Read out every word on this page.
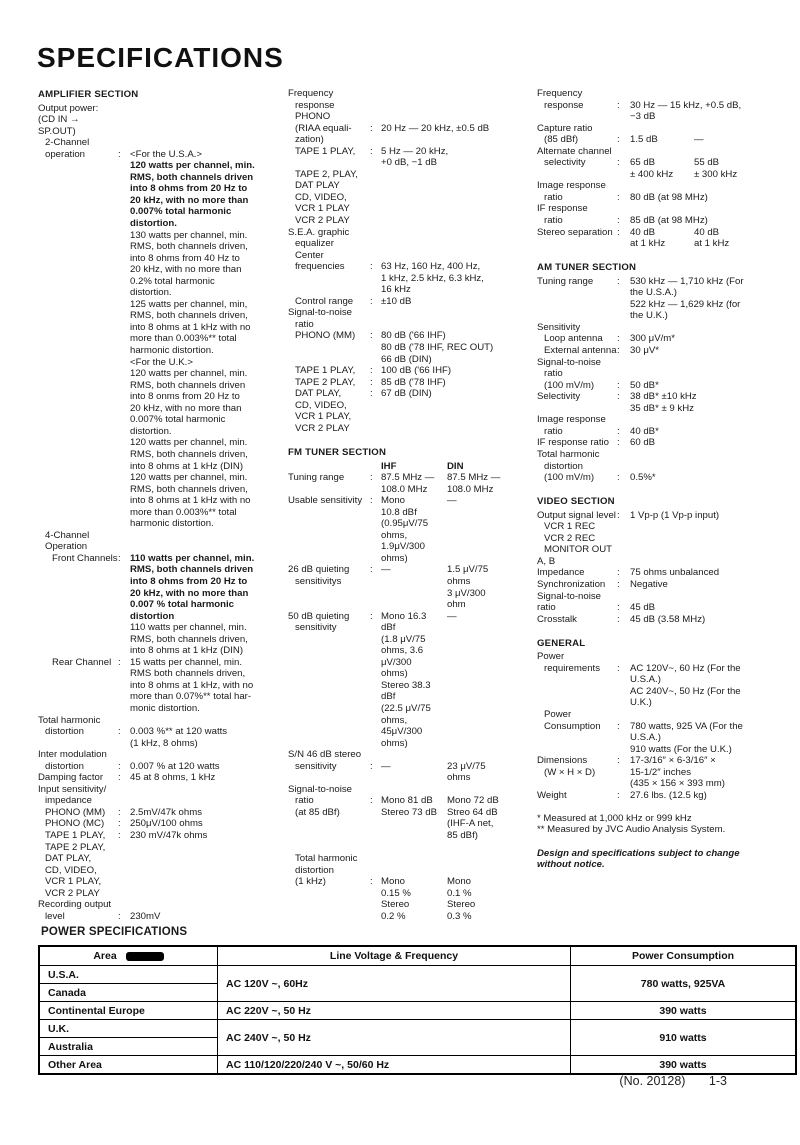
SPECIFICATIONS
AMPLIFIER SECTION
Output power:
(CD IN →
SP.OUT)
2-Channel
operation	: <For the U.S.A.>
120 watts per channel, min.
RMS, both channels driven
into 8 ohms from 20 Hz to
20 kHz, with no more than
0.007% total harmonic
distortion.
130 watts per channel, min.
RMS, both channels driven,
into 8 ohms from 40 Hz to
20 kHz, with no more than
0.2% total harmonic
distortion.
125 watts per channel, min,
RMS, both channels driven,
into 8 ohms at 1 kHz with no
more than 0.003%** total
harmonic distortion.
<For the U.K.>
120 watts per channel, min.
RMS, both channels driven
into 8 onms from 20 Hz to
20 kHz, with no more than
0.007% total harmonic
distortion.
120 watts per channel, min.
RMS, both channels driven,
into 8 ohms at 1 kHz (DIN)
120 watts per channel, min.
RMS, both channels driven,
into 8 ohms at 1 kHz with no
more than 0.003%** total
harmonic distortion.
4-Channel
Operation
Front Channels : 110 watts per channel, min.
RMS, both channels driven
into 8 ohms from 20 Hz to
20 kHz, with no more than
0.007 % total harmonic
distortion
110 watts per channel, min.
RMS, both channels driven,
into 8 ohms at 1 kHz (DIN)
Rear Channel : 15 watts per channel, min.
RMS both channels driven,
into 8 ohms at 1 kHz, with no
more than 0.07%** total har-
monic distortion.
Total harmonic
distortion	: 0.003 %** at 120 watts
(1 kHz, 8 ohms)
Inter modulation
distortion	: 0.007 % at 120 watts
Damping factor	: 45 at 8 ohms, 1 kHz
Input sensitivity/
impedance
PHONO (MM)	: 2.5mV/47k ohms
PHONO (MC)	: 250μV/100 ohms
TAPE 1 PLAY,	: 230 mV/47k ohms
TAPE 2 PLAY,
DAT PLAY,
CD, VIDEO,
VCR 1 PLAY,
VCR 2 PLAY
Recording output
level	: 230mV
Frequency
response
PHONO
(RIAA equali-	: 20 Hz — 20 kHz, ±0.5 dB
zation)
TAPE 1 PLAY,	: 5 Hz — 20 kHz,
+0 dB, −1 dB
TAPE 2, PLAY,
DAT PLAY
CD, VIDEO,
VCR 1 PLAY
VCR 2 PLAY
S.E.A. graphic
equalizer
Center
frequencies	: 63 Hz, 160 Hz, 400 Hz,
1 kHz, 2.5 kHz, 6.3 kHz,
16 kHz
Control range	: ±10 dB
Signal-to-noise
ratio
PHONO (MM)	: 80 dB ('66 IHF)
80 dB ('78 IHF, REC OUT)
66 dB (DIN)
TAPE 1 PLAY,	: 100 dB ('66 IHF)
TAPE 2 PLAY,	: 85 dB ('78 IHF)
DAT PLAY,	: 67 dB (DIN)
CD, VIDEO,
VCR 1 PLAY,
VCR 2 PLAY
FM TUNER SECTION
IHF	DIN
Tuning range	: 87.5 MHz —	87.5 MHz —
108.0 MHz	108.0 MHz
Usable sensitivity : Mono	—
10.8 dBf
(0.95μV/75
ohms,
1.9μV/300
ohms)
26 dB quieting	: —	1.5 μV/75
sensitivitys	ohms
3 μV/300
ohm
50 dB quieting	: Mono 16.3	—
sensitivity	dBf
(1.8 μV/75
ohms, 3.6
μV/300
ohms)
Stereo 38.3
dBf
(22.5 μV/75
ohms,
45μV/300
ohms)
S/N 46 dB stereo
sensitivity	: —	23 μV/75
ohms
Signal-to-noise
ratio	: Mono 81 dB	Mono 72 dB
(at 85 dBf)	Stereo 73 dB	Streo 64 dB
(IHF-A net,
85 dBf)
Total harmonic
distortion
(1 kHz)	: Mono	Mono
0.15 %	0.1 %
Stereo	Stereo
0.2 %	0.3 %
Frequency
response	:	30 Hz — 15 kHz, +0.5 dB,
−3 dB
Capture ratio
(85 dBf)	:	1.5 dB	—
Alternate channel
selectivity	:	65 dB	55 dB
± 400 kHz	± 300 kHz
Image response
ratio	:	80 dB (at 98 MHz)
IF response
ratio	:	85 dB (at 98 MHz)
Stereo separation :	40 dB	40 dB
at 1 kHz	at 1 kHz
AM TUNER SECTION
Tuning range	:	530 kHz — 1,710 kHz (For
the U.S.A.)
522 kHz — 1,629 kHz (for
the U.K.)
Sensitivity
Loop antenna	:	300 μV/m*
External antenna :	30 μV*
Signal-to-noise
ratio
(100 mV/m)	:	50 dB*
Selectivity	:	38 dB* ±10 kHz
35 dB* ± 9 kHz
Image response
ratio	:	40 dB*
IF response ratio :	60 dB
Total harmonic
distortion
(100 mV/m)	:	0.5%*
VIDEO SECTION
Output signal level :	1 Vp-p (1 Vp-p input)
VCR 1 REC
VCR 2 REC
MONITOR OUT
A, B
Impedance	:	75 ohms unbalanced
Synchronization	:	Negative
Signal-to-noise
ratio	:	45 dB
Crosstalk	:	45 dB (3.58 MHz)
GENERAL
Power
requirements	:	AC 120V~, 60 Hz (For the
U.S.A.)
AC 240V~, 50 Hz (For the
U.K.)
Power
Consumption	:	780 watts, 925 VA (For the
U.S.A.)
910 watts (For the U.K.)
Dimensions	:	17-3/16″ × 6-3/16″ ×
(W × H × D)	15-1/2″ inches
(435 × 156 × 393 mm)
Weight	:	27.6 lbs. (12.5 kg)
* Measured at 1,000 kHz or 999 kHz
** Measured by JVC Audio Analysis System.
Design and specifications subject to change
without notice.
POWER SPECIFICATIONS
Area	Line Voltage & Frequency	Power Consumption
U.S.A.	AC 120V ~, 60Hz	780 watts, 925VA
Canada		
Continental Europe	AC 220V ~, 50 Hz	390 watts
U.K.	AC 240V ~, 50 Hz	910 watts
Australia		
Other Area	AC 110/120/220/240 V ~, 50/60 Hz	390 watts
(No. 20128) 1-3
